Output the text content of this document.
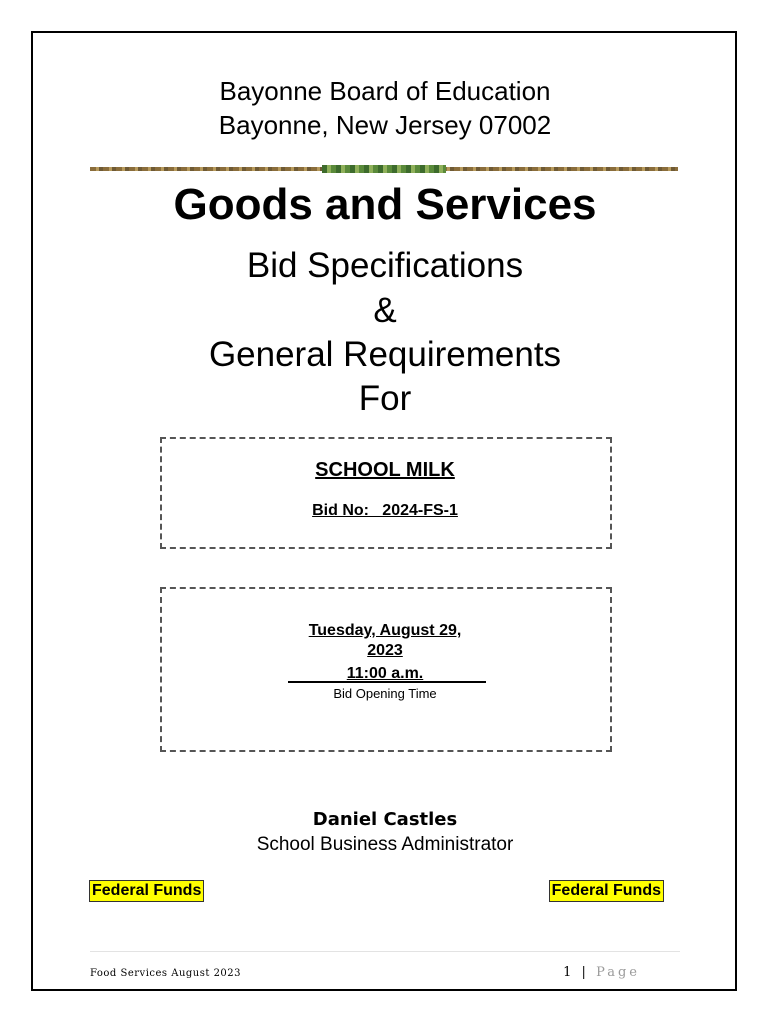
Bayonne Board of Education
Bayonne, New Jersey 07002
Goods and Services
Bid Specifications
&
General Requirements
For
SCHOOL MILK
Bid No:   2024-FS-1
Tuesday, August 29,
2023
11:00 a.m.
Bid Opening Time
Daniel Castles
School Business Administrator
Federal Funds	Federal Funds
Food Services August 2023	1 | Page
